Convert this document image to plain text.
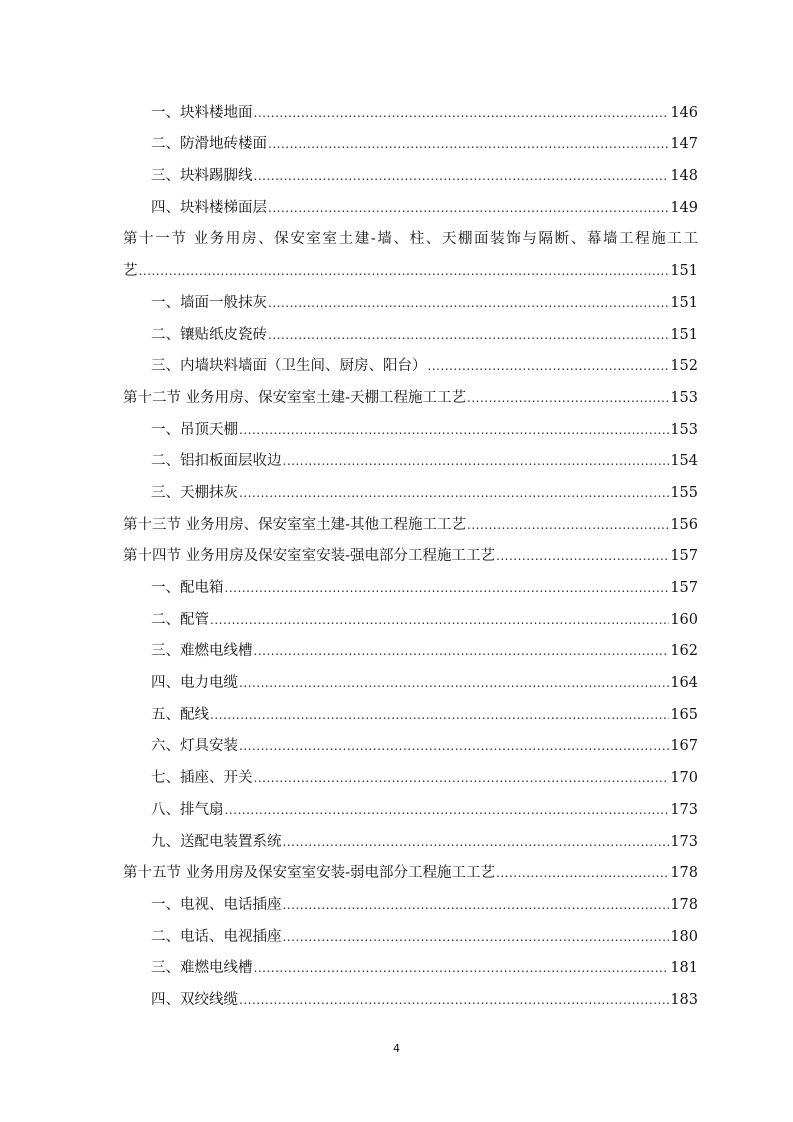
一、块料楼地面 .....	146
二、防滑地砖楼面 .....	147
三、块料踢脚线 .....	148
四、块料楼梯面层 .....	149
第十一节 业务用房、保安室室土建-墙、柱、天棚面装饰与隔断、幕墙工程施工工
艺 .....	151
一、墙面一般抹灰 .....	151
二、镶贴纸皮瓷砖 .....	151
三、内墙块料墙面（卫生间、厨房、阳台） .....	152
第十二节 业务用房、保安室室土建-天棚工程施工工艺 .....	153
一、吊顶天棚 .....	153
二、铝扣板面层收边 .....	154
三、天棚抹灰 .....	155
第十三节 业务用房、保安室室土建-其他工程施工工艺 .....	156
第十四节 业务用房及保安室室安装-强电部分工程施工工艺 .....	157
一、配电箱 .....	157
二、配管 .....	160
三、难燃电线槽 .....	162
四、电力电缆 .....	164
五、配线 .....	165
六、灯具安装 .....	167
七、插座、开关 .....	170
八、排气扇 .....	173
九、送配电装置系统 .....	173
第十五节 业务用房及保安室室安装-弱电部分工程施工工艺 .....	178
一、电视、电话插座 .....	178
二、电话、电视插座 .....	180
三、难燃电线槽 .....	181
四、双绞线缆 .....	183
4
